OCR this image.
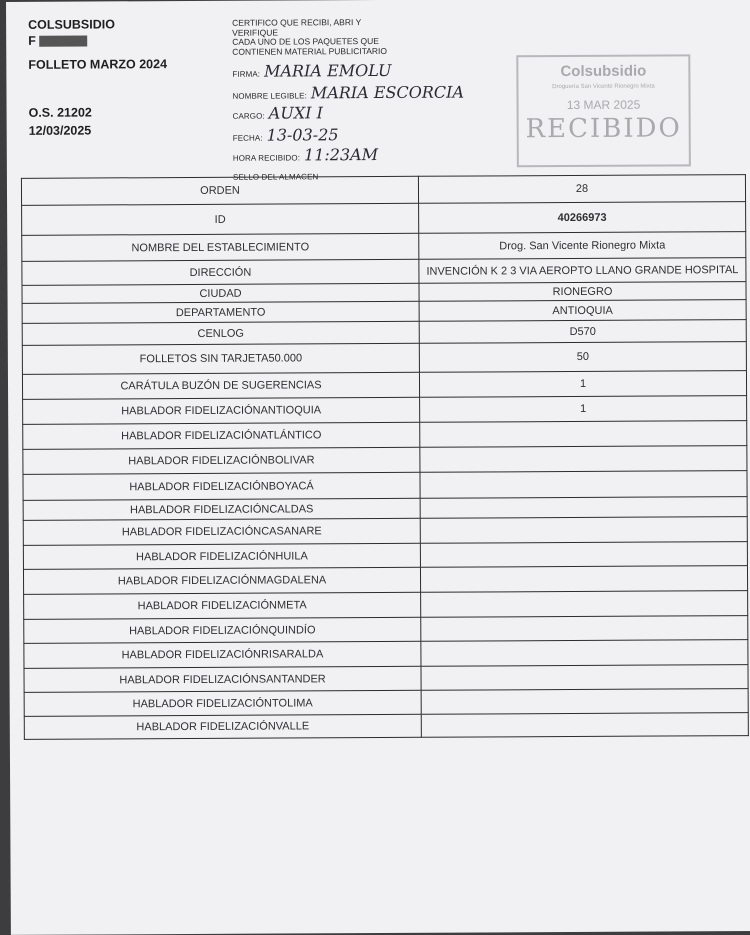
COLSUBSIDIO
F
FOLLETO MARZO 2024
O.S. 21202
12/03/2025
CERTIFICO QUE RECIBI, ABRI Y
VERIFIQUE
CADA UNO DE LOS PAQUETES QUE
CONTIENEN MATERIAL PUBLICITARIO
FIRMA: MARIA EMOLU
NOMBRE LEGIBLE: MARIA ESCORCIA
CARGO: AUXI I
FECHA: 13-03-25
HORA RECIBIDO: 11:23AM
SELLO DEL ALMACEN
Colsubsidio
Droguería San Vicente Rionegro Mixta
13 MAR 2025
RECIBIDO
ORDEN	28
ID	40266973
NOMBRE DEL ESTABLECIMIENTO	Drog. San Vicente Rionegro Mixta
DIRECCIÓN	INVENCIÓN K 2 3 VIA AEROPTO LLANO GRANDE HOSPITAL
CIUDAD	RIONEGRO
DEPARTAMENTO	ANTIOQUIA
CENLOG	D570
FOLLETOS SIN TARJETA50.000	50
CARÁTULA BUZÓN DE SUGERENCIAS	1
HABLADOR FIDELIZACIÓNANTIOQUIA	1
HABLADOR FIDELIZACIÓNATLÁNTICO	
HABLADOR FIDELIZACIÓNBOLIVAR	
HABLADOR FIDELIZACIÓNBOYACÁ	
HABLADOR FIDELIZACIÓNCALDAS	
HABLADOR FIDELIZACIÓNCASANARE	
HABLADOR FIDELIZACIÓNHUILA	
HABLADOR FIDELIZACIÓNMAGDALENA	
HABLADOR FIDELIZACIÓNMETA	
HABLADOR FIDELIZACIÓNQUINDÍO	
HABLADOR FIDELIZACIÓNRISARALDA	
HABLADOR FIDELIZACIÓNSANTANDER	
HABLADOR FIDELIZACIÓNTOLIMA	
HABLADOR FIDELIZACIÓNVALLE	
